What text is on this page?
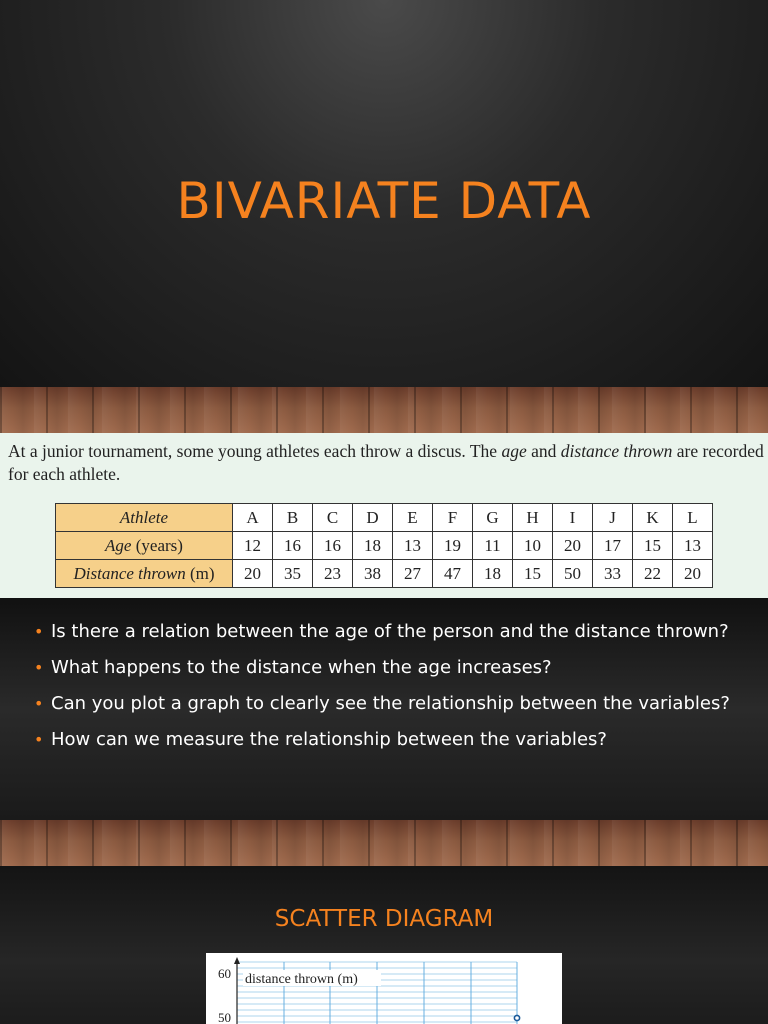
BIVARIATE DATA
At a junior tournament, some young athletes each throw a discus. The age and distance thrown are recorded for each athlete.
Athlete	A	B	C	D	E	F	G	H	I	J	K	L
Age (years)	12	16	16	18	13	19	11	10	20	17	15	13
Distance thrown (m)	20	35	23	38	27	47	18	15	50	33	22	20
• Is there a relation between the age of the person and the distance thrown?
• What happens to the distance when the age increases?
• Can you plot a graph to clearly see the relationship between the variables?
• How can we measure the relationship between the variables?
SCATTER DIAGRAM
60
50
distance thrown (m)
